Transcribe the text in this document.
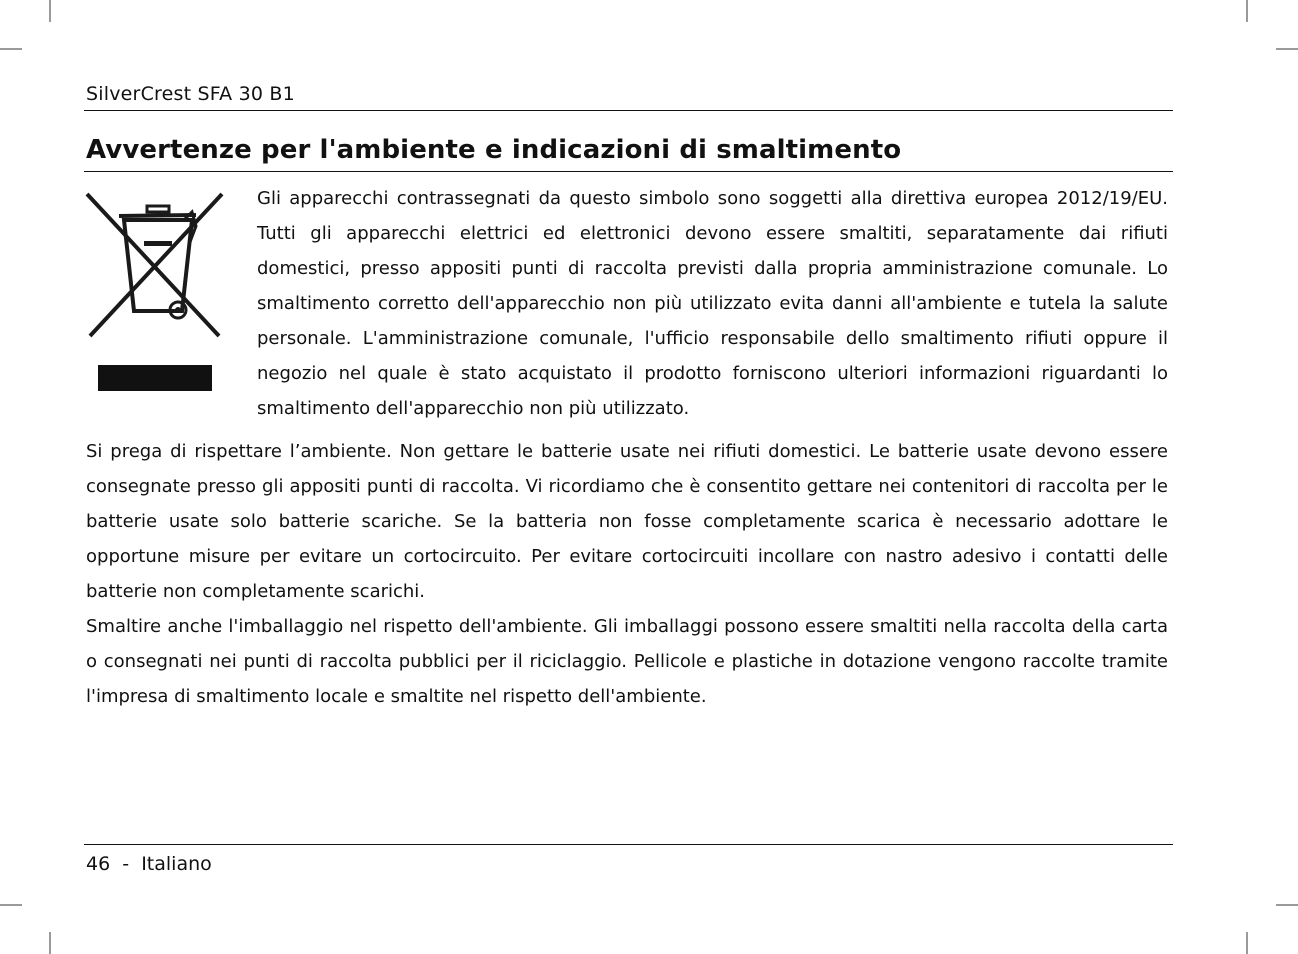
SilverCrest SFA 30 B1
Avvertenze per l'ambiente e indicazioni di smaltimento

Gli apparecchi contrassegnati da questo simbolo sono soggetti alla direttiva europea 2012/19/EU. Tutti gli apparecchi elettrici ed elettronici devono essere smaltiti, separatamente dai rifiuti domestici, presso appositi punti di raccolta previsti dalla propria amministrazione comunale. Lo smaltimento corretto dell'apparecchio non più utilizzato evita danni all'ambiente e tutela la salute personale. L'amministrazione comunale, l'ufficio responsabile dello smaltimento rifiuti oppure il negozio nel quale è stato acquistato il prodotto forniscono ulteriori informazioni riguardanti lo smaltimento dell'apparecchio non più utilizzato.

Si prega di rispettare l’ambiente. Non gettare le batterie usate nei rifiuti domestici. Le batterie usate devono essere consegnate presso gli appositi punti di raccolta. Vi ricordiamo che è consentito gettare nei contenitori di raccolta per le batterie usate solo batterie scariche. Se la batteria non fosse completamente scarica è necessario adottare le opportune misure per evitare un cortocircuito. Per evitare cortocircuiti incollare con nastro adesivo i contatti delle batterie non completamente scarichi.

Smaltire anche l'imballaggio nel rispetto dell'ambiente. Gli imballaggi possono essere smaltiti nella raccolta della carta o consegnati nei punti di raccolta pubblici per il riciclaggio. Pellicole e plastiche in dotazione vengono raccolte tramite l'impresa di smaltimento locale e smaltite nel rispetto dell'ambiente.

46  -  Italiano
